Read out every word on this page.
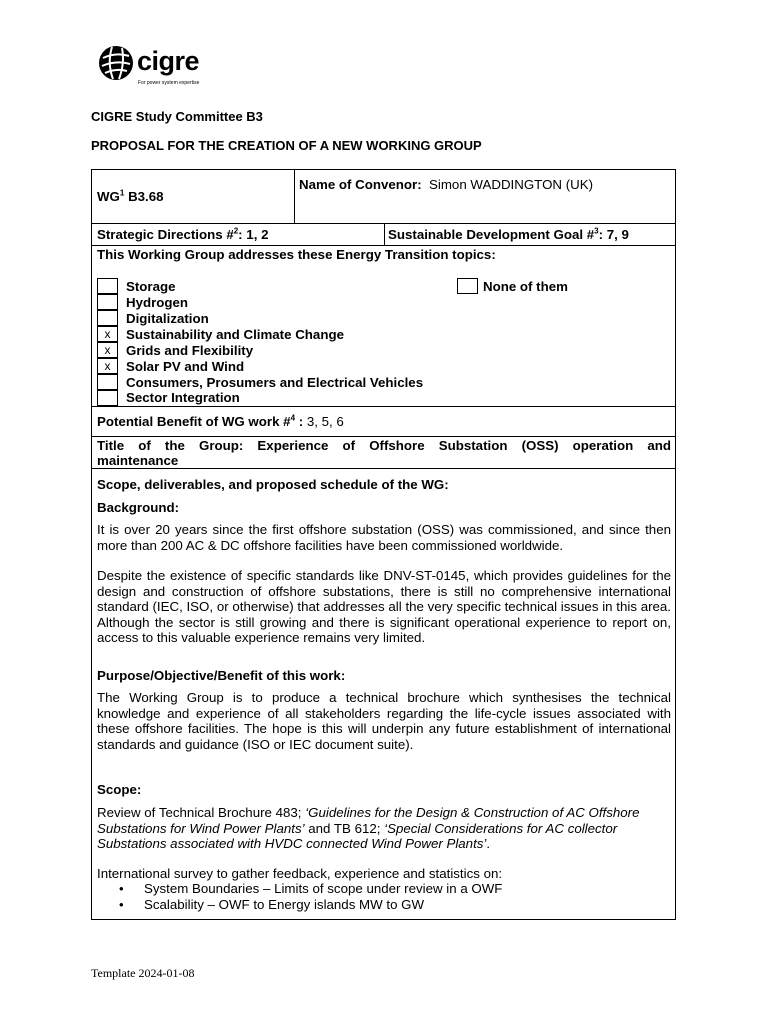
cigre
For power system expertise
CIGRE Study Committee B3
PROPOSAL FOR THE CREATION OF A NEW WORKING GROUP
$WG^1$ B3.68
Name of Convenor: Simon WADDINGTON (UK)
Strategic Directions #$^2$: 1, 2	Sustainable Development Goal #$^3$: 7, 9
This Working Group addresses these Energy Transition topics:
Storage
Hydrogen
Digitalization
x	Sustainability and Climate Change
x	Grids and Flexibility
x	Solar PV and Wind
Consumers, Prosumers and Electrical Vehicles
Sector Integration
None of them
Potential Benefit of WG work #$^4$ : 3, 5, 6
Title of the Group: Experience of Offshore Substation (OSS) operation and
maintenance
Scope, deliverables, and proposed schedule of the WG:
Background:
It is over 20 years since the first offshore substation (OSS) was commissioned, and since then more than 200 AC & DC offshore facilities have been commissioned worldwide.
Despite the existence of specific standards like DNV-ST-0145, which provides guidelines for the design and construction of offshore substations, there is still no comprehensive international standard (IEC, ISO, or otherwise) that addresses all the very specific technical issues in this area. Although the sector is still growing and there is significant operational experience to report on, access to this valuable experience remains very limited.
Purpose/Objective/Benefit of this work:
The Working Group is to produce a technical brochure which synthesises the technical knowledge and experience of all stakeholders regarding the life-cycle issues associated with these offshore facilities. The hope is this will underpin any future establishment of international standards and guidance (ISO or IEC document suite).
Scope:
Review of Technical Brochure 483; ‘Guidelines for the Design & Construction of AC Offshore Substations for Wind Power Plants’ and TB 612; ‘Special Considerations for AC collector Substations associated with HVDC connected Wind Power Plants’.
International survey to gather feedback, experience and statistics on:
• System Boundaries – Limits of scope under review in a OWF
• Scalability – OWF to Energy islands MW to GW
Template 2024-01-08
